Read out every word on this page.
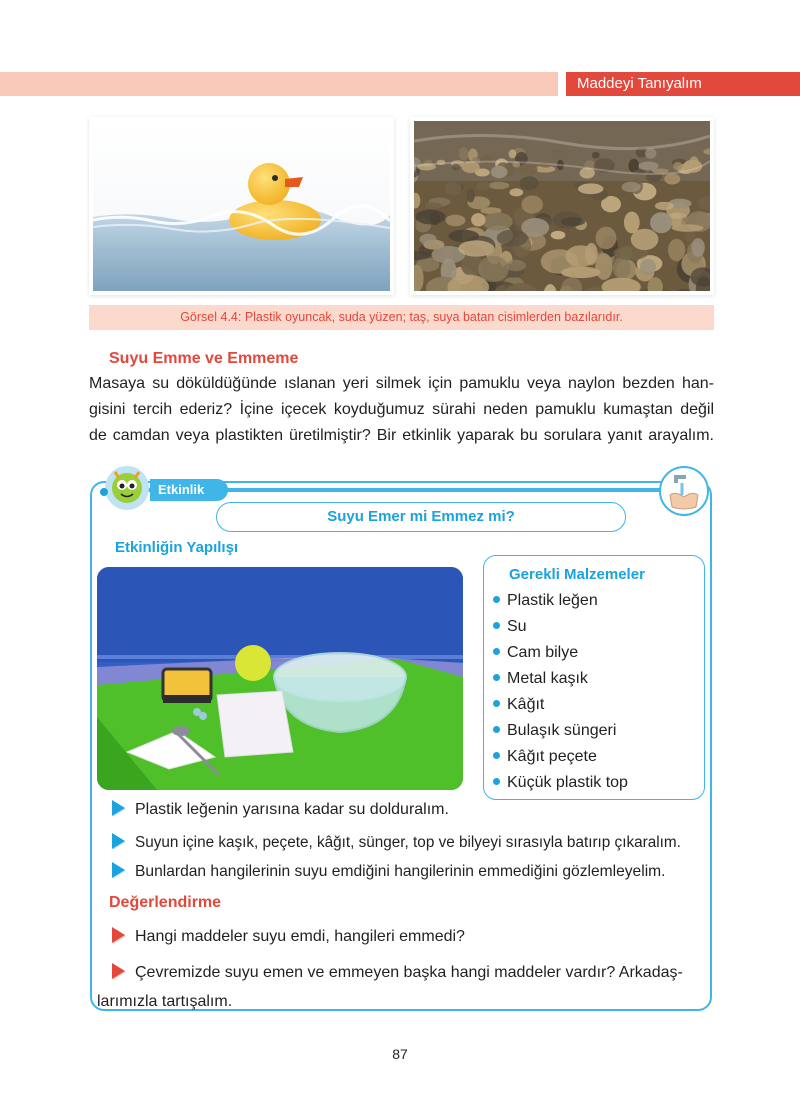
Maddeyi Tanıyalım
Görsel 4.4: Plastik oyuncak, suda yüzen; taş, suya batan cisimlerden bazılarıdır.
Suyu Emme ve Emmeme
Masaya su döküldüğünde ıslanan yeri silmek için pamuklu veya naylon bezden han-
gisini tercih ederiz? İçine içecek koyduğumuz sürahi neden pamuklu kumaştan değil
de camdan veya plastikten üretilmiştir? Bir etkinlik yaparak bu sorulara yanıt arayalım.
Etkinlik
Suyu Emer mi Emmez mi?
Etkinliğin Yapılışı
Gerekli Malzemeler
Plastik leğen
Su
Cam bilye
Metal kaşık
Kâğıt
Bulaşık süngeri
Kâğıt peçete
Küçük plastik top
Plastik leğenin yarısına kadar su dolduralım.
Suyun içine kaşık, peçete, kâğıt, sünger, top ve bilyeyi sırasıyla batırıp çıkaralım.
Bunlardan hangilerinin suyu emdiğini hangilerinin emmediğini gözlemleyelim.
Değerlendirme
Hangi maddeler suyu emdi, hangileri emmedi?
Çevremizde suyu emen ve emmeyen başka hangi maddeler vardır? Arkadaş-
larımızla tartışalım.
87
